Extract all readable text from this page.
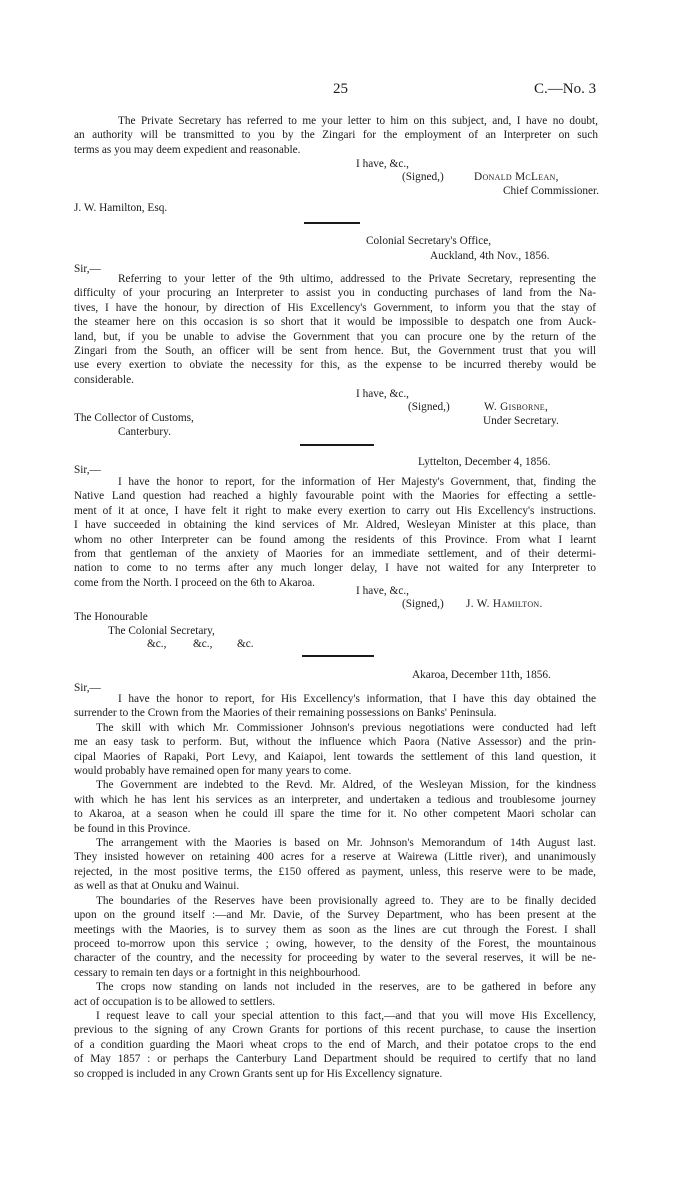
25	C.—No. 3
The Private Secretary has referred to me your letter to him on this subject, and, I have no doubt,
an authority will be transmitted to you by the Zingari for the employment of an Interpreter on such
terms as you may deem expedient and reasonable.
I have, &c.,
(Signed,)	Donald McLean,
Chief Commissioner.
J. W. Hamilton, Esq.
Colonial Secretary's Office,
Auckland, 4th Nov., 1856.
Sir,—
Referring to your letter of the 9th ultimo, addressed to the Private Secretary, representing the
difficulty of your procuring an Interpreter to assist you in conducting purchases of land from the Na-
tives, I have the honour, by direction of His Excellency's Government, to inform you that the stay of
the steamer here on this occasion is so short that it would be impossible to despatch one from Auck-
land, but, if you be unable to advise the Government that you can procure one by the return of the
Zingari from the South, an officer will be sent from hence. But, the Government trust that you will
use every exertion to obviate the necessity for this, as the expense to be incurred thereby would be
considerable.
I have, &c.,
(Signed,)	W. Gisborne,
Under Secretary.
The Collector of Customs,
Canterbury.
Lyttelton, December 4, 1856.
Sir,—
I have the honor to report, for the information of Her Majesty's Government, that, finding the
Native Land question had reached a highly favourable point with the Maories for effecting a settle-
ment of it at once, I have felt it right to make every exertion to carry out His Excellency's instructions.
I have succeeded in obtaining the kind services of Mr. Aldred, Wesleyan Minister at this place, than
whom no other Interpreter can be found among the residents of this Province. From what I learnt
from that gentleman of the anxiety of Maories for an immediate settlement, and of their determi-
nation to come to no terms after any much longer delay, I have not waited for any Interpreter to
come from the North. I proceed on the 6th to Akaroa.
I have, &c.,
(Signed,) J. W. Hamilton.
The Honourable
The Colonial Secretary,
&c., &c., &c.
Akaroa, December 11th, 1856.
Sir,—
I have the honor to report, for His Excellency's information, that I have this day obtained the
surrender to the Crown from the Maories of their remaining possessions on Banks' Peninsula.
The skill with which Mr. Commissioner Johnson's previous negotiations were conducted had left
me an easy task to perform. But, without the influence which Paora (Native Assessor) and the prin-
cipal Maories of Rapaki, Port Levy, and Kaiapoi, lent towards the settlement of this land question, it
would probably have remained open for many years to come.
The Government are indebted to the Revd. Mr. Aldred, of the Wesleyan Mission, for the kindness
with which he has lent his services as an interpreter, and undertaken a tedious and troublesome journey
to Akaroa, at a season when he could ill spare the time for it. No other competent Maori scholar can
be found in this Province.
The arrangement with the Maories is based on Mr. Johnson's Memorandum of 14th August last.
They insisted however on retaining 400 acres for a reserve at Wairewa (Little river), and unanimously
rejected, in the most positive terms, the £150 offered as payment, unless, this reserve were to be made,
as well as that at Onuku and Wainui.
The boundaries of the Reserves have been provisionally agreed to. They are to be finally decided
upon on the ground itself :—and Mr. Davie, of the Survey Department, who has been present at the
meetings with the Maories, is to survey them as soon as the lines are cut through the Forest. I shall
proceed to-morrow upon this service ; owing, however, to the density of the Forest, the mountainous
character of the country, and the necessity for proceeding by water to the several reserves, it will be ne-
cessary to remain ten days or a fortnight in this neighbourhood.
The crops now standing on lands not included in the reserves, are to be gathered in before any
act of occupation is to be allowed to settlers.
I request leave to call your special attention to this fact,—and that you will move His Excellency,
previous to the signing of any Crown Grants for portions of this recent purchase, to cause the insertion
of a condition guarding the Maori wheat crops to the end of March, and their potatoe crops to the end
of May 1857 : or perhaps the Canterbury Land Department should be required to certify that no land
so cropped is included in any Crown Grants sent up for His Excellency signature.
